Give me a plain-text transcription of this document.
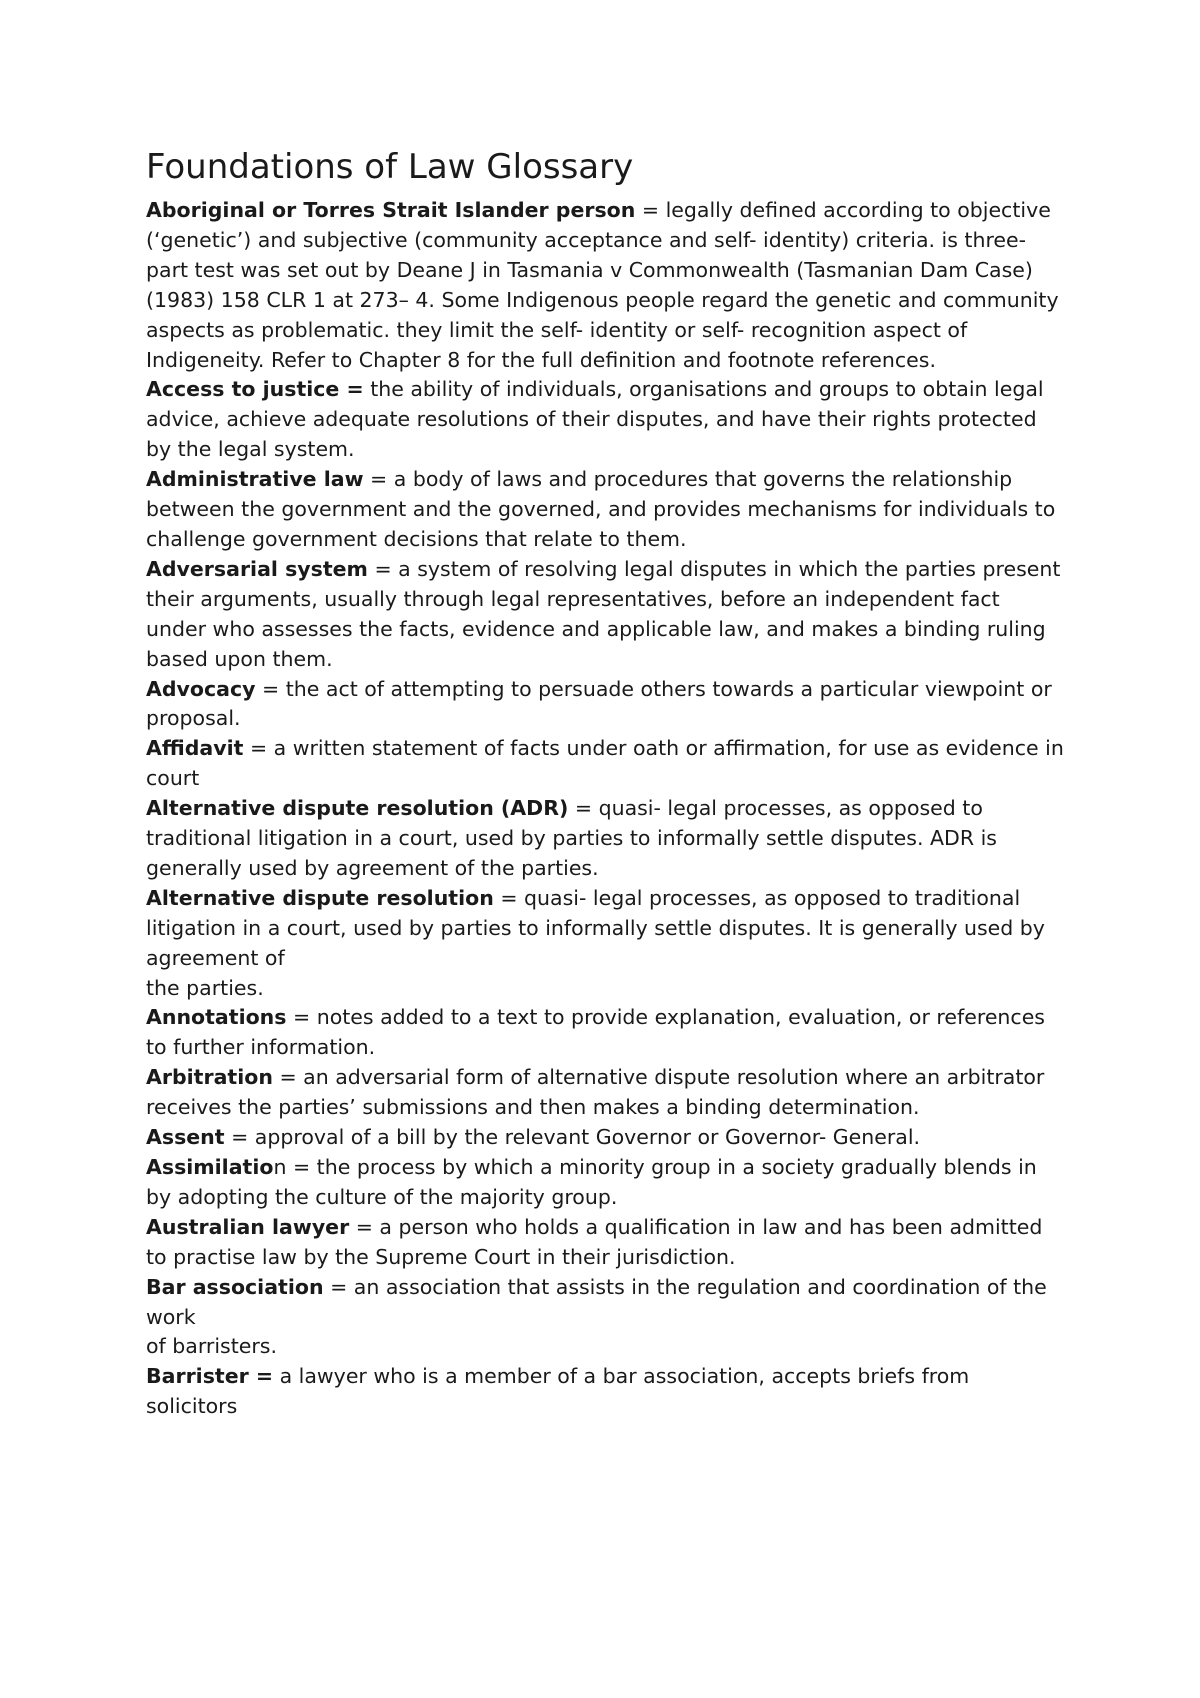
Foundations of Law Glossary

Aboriginal or Torres Strait Islander person = legally defined according to objective (‘genetic’) and subjective (community acceptance and self- identity) criteria. is three- part test was set out by Deane J in Tasmania v Commonwealth (Tasmanian Dam Case) (1983) 158 CLR 1 at 273– 4. Some Indigenous people regard the genetic and community aspects as problematic. they limit the self- identity or self- recognition aspect of Indigeneity. Refer to Chapter 8 for the full definition and footnote references.

Access to justice = the ability of individuals, organisations and groups to obtain legal advice, achieve adequate resolutions of their disputes, and have their rights protected by the legal system.

Administrative law = a body of laws and procedures that governs the relationship between the government and the governed, and provides mechanisms for individuals to challenge government decisions that relate to them.

Adversarial system = a system of resolving legal disputes in which the parties present
their arguments, usually through legal representatives, before an independent fact under who assesses the facts, evidence and applicable law, and makes a binding ruling based upon them.

Advocacy = the act of attempting to persuade others towards a particular viewpoint or proposal.

Affidavit = a written statement of facts under oath or affirmation, for use as evidence in court

Alternative dispute resolution (ADR) = quasi- legal processes, as opposed to traditional litigation in a court, used by parties to informally settle disputes. ADR is generally used by agreement of the parties.

Alternative dispute resolution = quasi- legal processes, as opposed to traditional litigation in a court, used by parties to informally settle disputes. It is generally used by agreement of
the parties.

Annotations = notes added to a text to provide explanation, evaluation, or references to further information.

Arbitration = an adversarial form of alternative dispute resolution where an arbitrator receives the parties’ submissions and then makes a binding determination.

Assent = approval of a bill by the relevant Governor or Governor- General.

Assimilation = the process by which a minority group in a society gradually blends in by adopting the culture of the majority group.

Australian lawyer = a person who holds a qualification in law and has been admitted to practise law by the Supreme Court in their jurisdiction.

Bar association = an association that assists in the regulation and coordination of the work
of barristers.

Barrister = a lawyer who is a member of a bar association, accepts briefs from solicitors
